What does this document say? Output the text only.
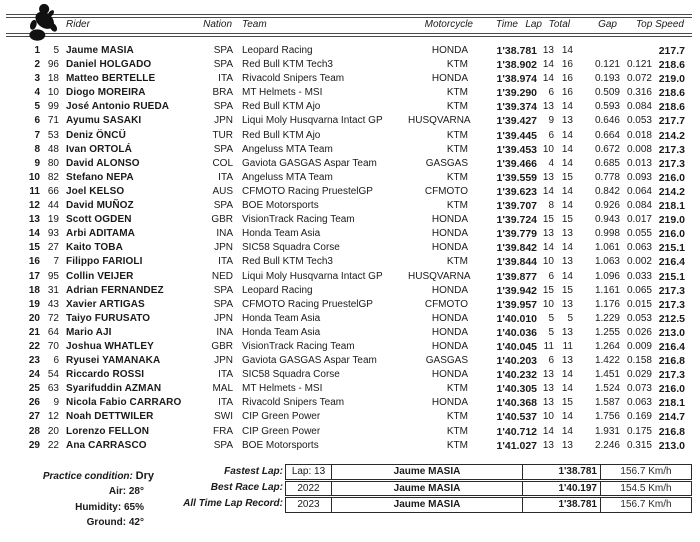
Rider	Nation Team	Motorcycle Time Lap Total	Gap Top Speed
1	5 Jaume MASIA	SPA Leopard Racing	HONDA	1'38.781 13 14	217.7
2 96 Daniel HOLGADO	SPA Red Bull KTM Tech3	KTM	1'38.902 14 16	0.121 0.121 218.6
3 18 Matteo BERTELLE	ITA Rivacold Snipers Team	HONDA	1'38.974 14 16	0.193 0.072 219.0
4 10 Diogo MOREIRA	BRA MT Helmets - MSI	KTM	1'39.290	6 16	0.509 0.316 218.6
5 99 José Antonio RUEDA	SPA Red Bull KTM Ajo	KTM	1'39.374 13 14	0.593 0.084 218.6
6 71 Ayumu SASAKI	JPN Liqui Moly Husqvarna Intact GP	HUSQVARNA	1'39.427	9 13	0.646 0.053 217.7
7 53 Deniz ÖNCÜ	TUR Red Bull KTM Ajo	KTM	1'39.445	6 14	0.664 0.018 214.2
8 48 Ivan ORTOLÁ	SPA Angeluss MTA Team	KTM	1'39.453 10 14	0.672 0.008 217.3
9 80 David ALONSO	COL Gaviota GASGAS Aspar Team	GASGAS	1'39.466	4 14	0.685 0.013 217.3
10 82 Stefano NEPA	ITA Angeluss MTA Team	KTM	1'39.559 13 15	0.778 0.093 216.0
11 66 Joel KELSO	AUS CFMOTO Racing PruestelGP	CFMOTO	1'39.623 14 14	0.842 0.064 214.2
12 44 David MUÑOZ	SPA BOE Motorsports	KTM	1'39.707	8 14	0.926 0.084 218.1
13 19 Scott OGDEN	GBR VisionTrack Racing Team	HONDA	1'39.724 15 15	0.943 0.017 219.0
14 93 Arbi ADITAMA	INA Honda Team Asia	HONDA	1'39.779 13 13	0.998 0.055 216.0
15 27 Kaito TOBA	JPN SIC58 Squadra Corse	HONDA	1'39.842 14 14	1.061 0.063 215.1
16	7 Filippo FARIOLI	ITA Red Bull KTM Tech3	KTM	1'39.844 10 13	1.063 0.002 216.4
17 95 Collin VEIJER	NED Liqui Moly Husqvarna Intact GP	HUSQVARNA	1'39.877	6 14	1.096 0.033 215.1
18 31 Adrian FERNANDEZ	SPA Leopard Racing	HONDA	1'39.942 15 15	1.161 0.065 217.3
19 43 Xavier ARTIGAS	SPA CFMOTO Racing PruestelGP	CFMOTO	1'39.957 10 13	1.176 0.015 217.3
20 72 Taiyo FURUSATO	JPN Honda Team Asia	HONDA	1'40.010	5	5	1.229 0.053 212.5
21 64 Mario AJI	INA Honda Team Asia	HONDA	1'40.036	5 13	1.255 0.026 213.0
22 70 Joshua WHATLEY	GBR VisionTrack Racing Team	HONDA	1'40.045 11 11	1.264 0.009 216.4
23	6 Ryusei YAMANAKA	JPN Gaviota GASGAS Aspar Team	GASGAS	1'40.203	6 13	1.422 0.158 216.8
24 54 Riccardo ROSSI	ITA SIC58 Squadra Corse	HONDA	1'40.232 13 14	1.451 0.029 217.3
25 63 Syarifuddin AZMAN	MAL MT Helmets - MSI	KTM	1'40.305 13 14	1.524 0.073 216.0
26	9 Nicola Fabio CARRARO	ITA Rivacold Snipers Team	HONDA	1'40.368 13 15	1.587 0.063 218.1
27 12 Noah DETTWILER	SWI CIP Green Power	KTM	1'40.537 10 14	1.756 0.169 214.7
28 20 Lorenzo FELLON	FRA CIP Green Power	KTM	1'40.712 14 14	1.931 0.175 216.8
29 22 Ana CARRASCO	SPA BOE Motorsports	KTM	1'41.027 13 13	2.246 0.315 213.0
Practice condition: Dry
Air: 28°
Humidity: 65%
Ground: 42°
Fastest Lap:
Best Race Lap:
All Time Lap Record:
Lap: 13	Jaume MASIA	1'38.781	156.7 Km/h
2022	Jaume MASIA	1'40.197	154.5 Km/h
2023	Jaume MASIA	1'38.781	156.7 Km/h
